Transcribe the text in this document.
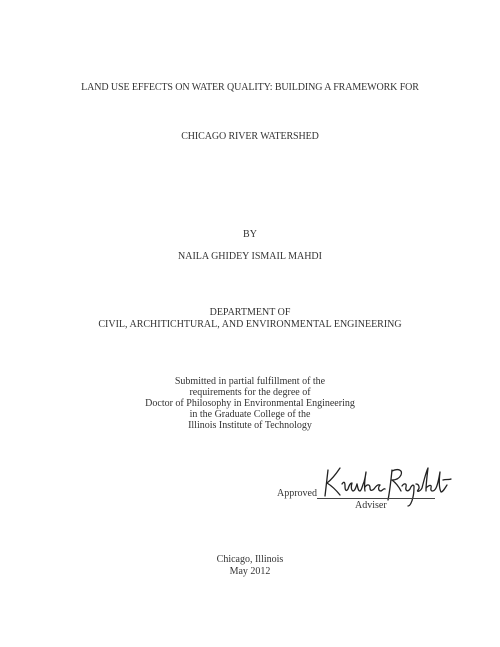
LAND USE EFFECTS ON WATER QUALITY: BUILDING A FRAMEWORK FOR
CHICAGO RIVER WATERSHED
BY
NAILA GHIDEY ISMAIL MAHDI
DEPARTMENT OF
CIVIL, ARCHITICHTURAL, AND ENVIRONMENTAL ENGINEERING
Submitted in partial fulfillment of the
requirements for the degree of
Doctor of Philosophy in Environmental Engineering
in the Graduate College of the
Illinois Institute of Technology
Approved
Adviser
Chicago, Illinois
May 2012
